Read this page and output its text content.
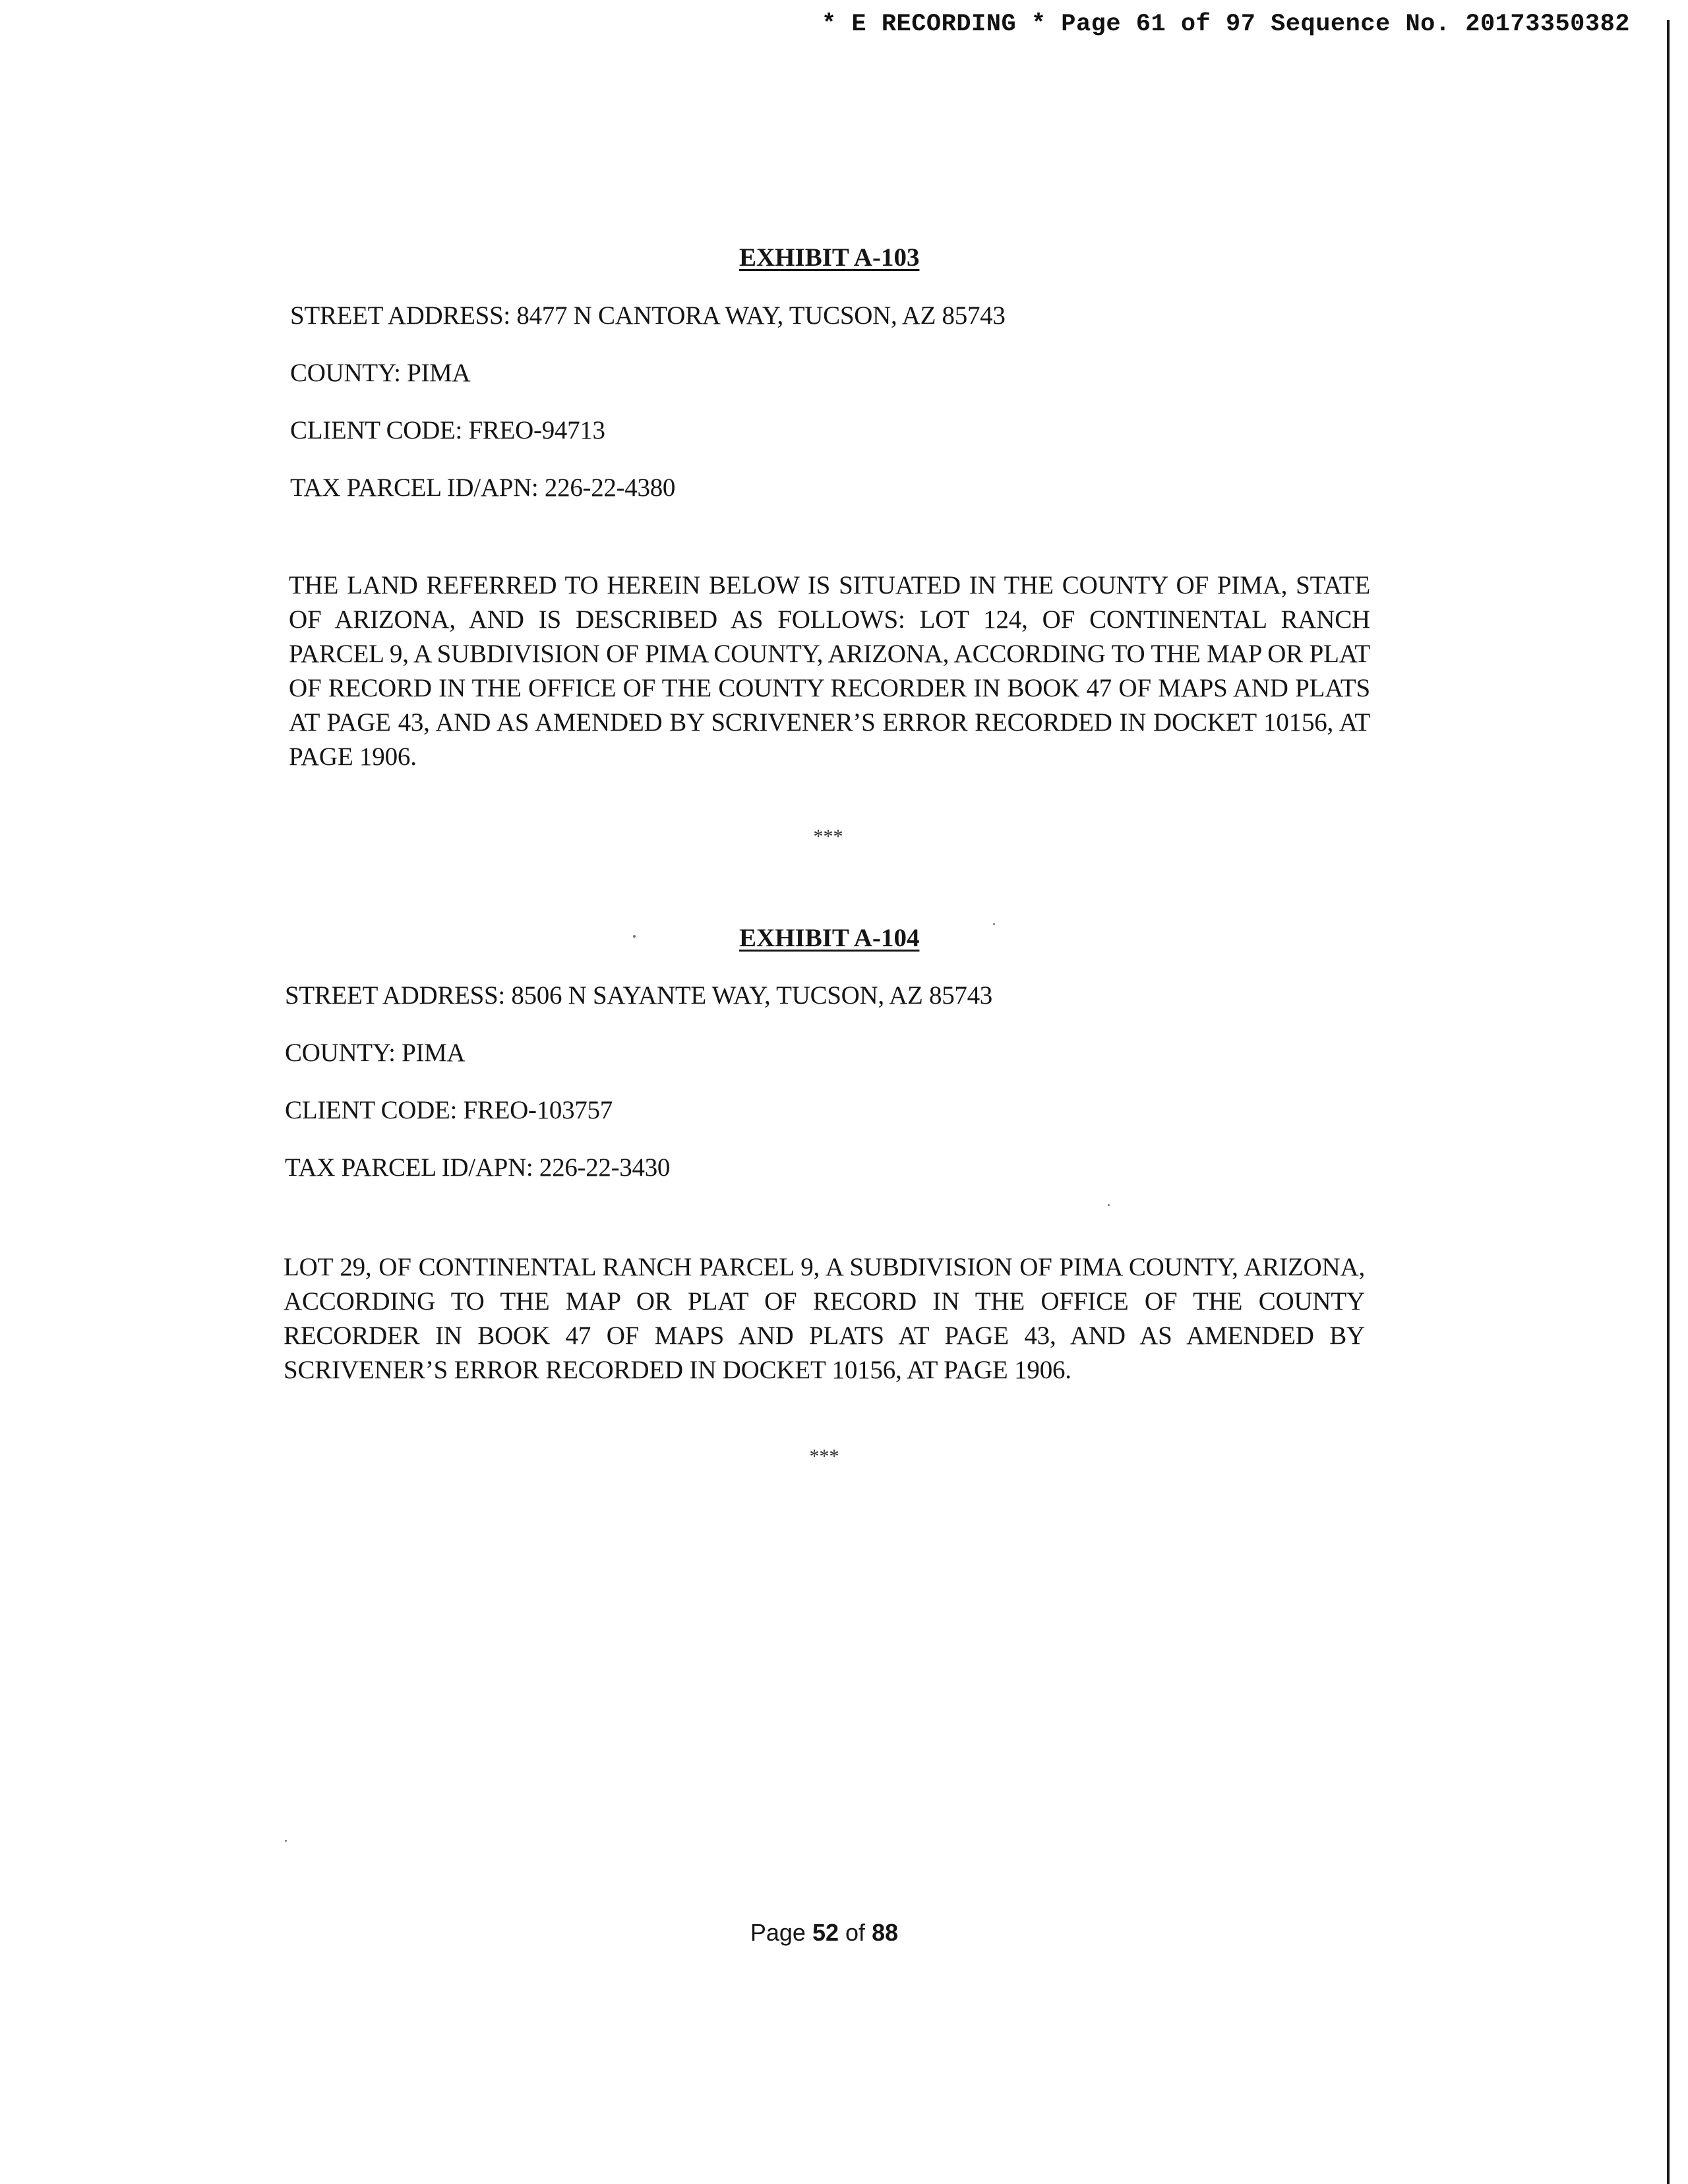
* E RECORDING * Page 61 of 97 Sequence No. 20173350382
EXHIBIT A-103
STREET ADDRESS: 8477 N CANTORA WAY, TUCSON, AZ 85743
COUNTY: PIMA
CLIENT CODE: FREO-94713
TAX PARCEL ID/APN: 226-22-4380
THE LAND REFERRED TO HEREIN BELOW IS SITUATED IN THE COUNTY OF PIMA, STATE OF ARIZONA, AND IS DESCRIBED AS FOLLOWS: LOT 124, OF CONTINENTAL RANCH PARCEL 9, A SUBDIVISION OF PIMA COUNTY, ARIZONA, ACCORDING TO THE MAP OR PLAT OF RECORD IN THE OFFICE OF THE COUNTY RECORDER IN BOOK 47 OF MAPS AND PLATS AT PAGE 43, AND AS AMENDED BY SCRIVENER’S ERROR RECORDED IN DOCKET 10156, AT PAGE 1906.
***
EXHIBIT A-104
STREET ADDRESS: 8506 N SAYANTE WAY, TUCSON, AZ 85743
COUNTY: PIMA
CLIENT CODE: FREO-103757
TAX PARCEL ID/APN: 226-22-3430
LOT 29, OF CONTINENTAL RANCH PARCEL 9, A SUBDIVISION OF PIMA COUNTY, ARIZONA, ACCORDING TO THE MAP OR PLAT OF RECORD IN THE OFFICE OF THE COUNTY RECORDER IN BOOK 47 OF MAPS AND PLATS AT PAGE 43, AND AS AMENDED BY SCRIVENER’S ERROR RECORDED IN DOCKET 10156, AT PAGE 1906.
***
Page 52 of 88
